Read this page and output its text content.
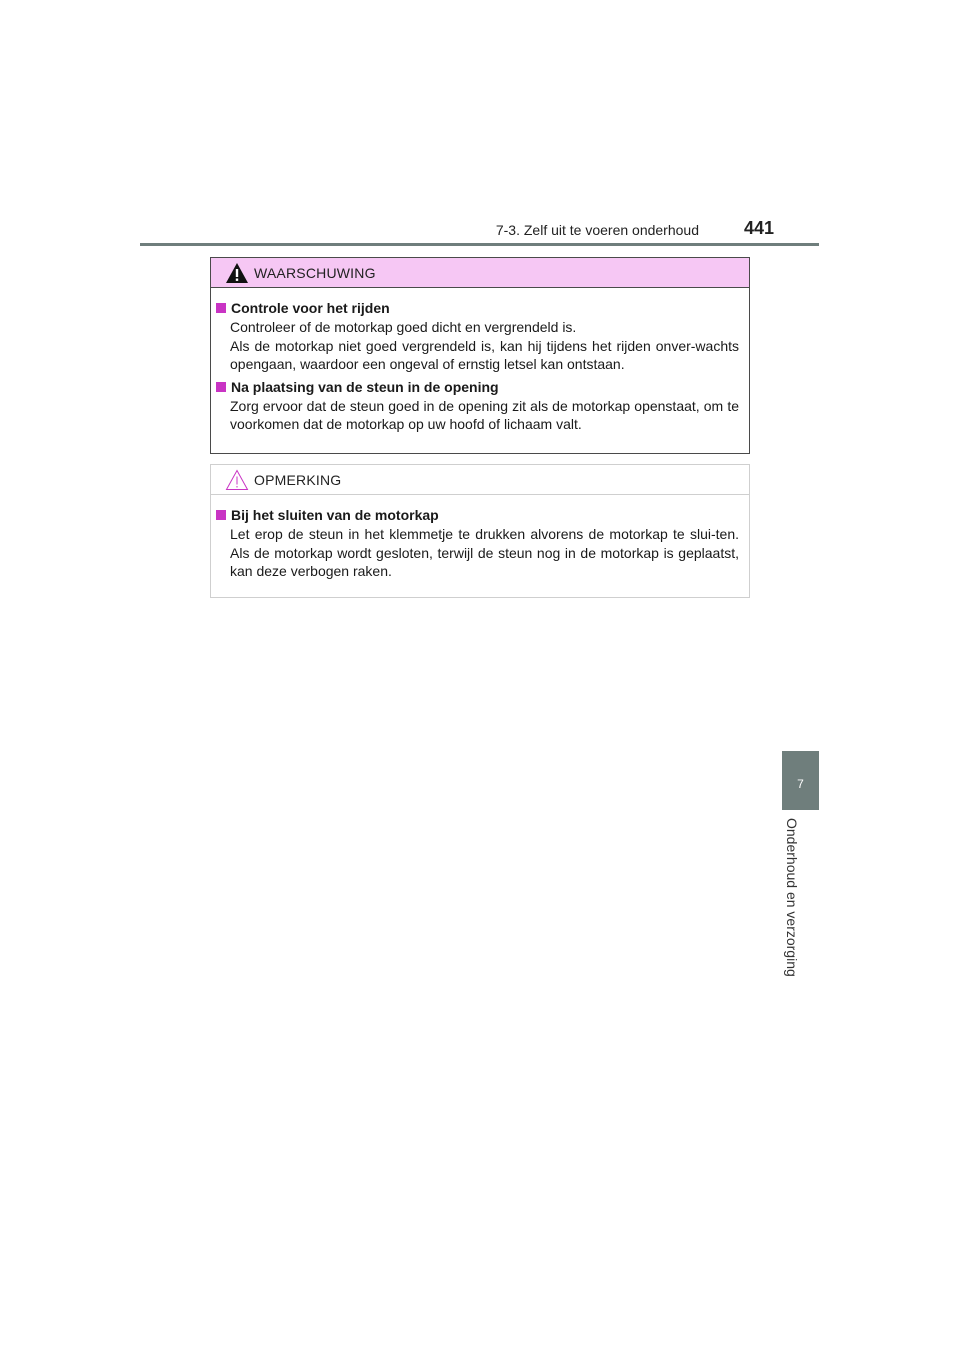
7-3. Zelf uit te voeren onderhoud 441
7
Onderhoud en verzorging
WAARSCHUWING
Controle voor het rijden

Controleer of de motorkap goed dicht en vergrendeld is.

Als de motorkap niet goed vergrendeld is, kan hij tijdens het rijden onver-wachts opengaan, waardoor een ongeval of ernstig letsel kan ontstaan.

Na plaatsing van de steun in de opening

Zorg ervoor dat de steun goed in de opening zit als de motorkap openstaat, om te voorkomen dat de motorkap op uw hoofd of lichaam valt.

OPMERKING
Bij het sluiten van de motorkap

Let erop de steun in het klemmetje te drukken alvorens de motorkap te slui-ten. Als de motorkap wordt gesloten, terwijl de steun nog in de motorkap is geplaatst, kan deze verbogen raken.
